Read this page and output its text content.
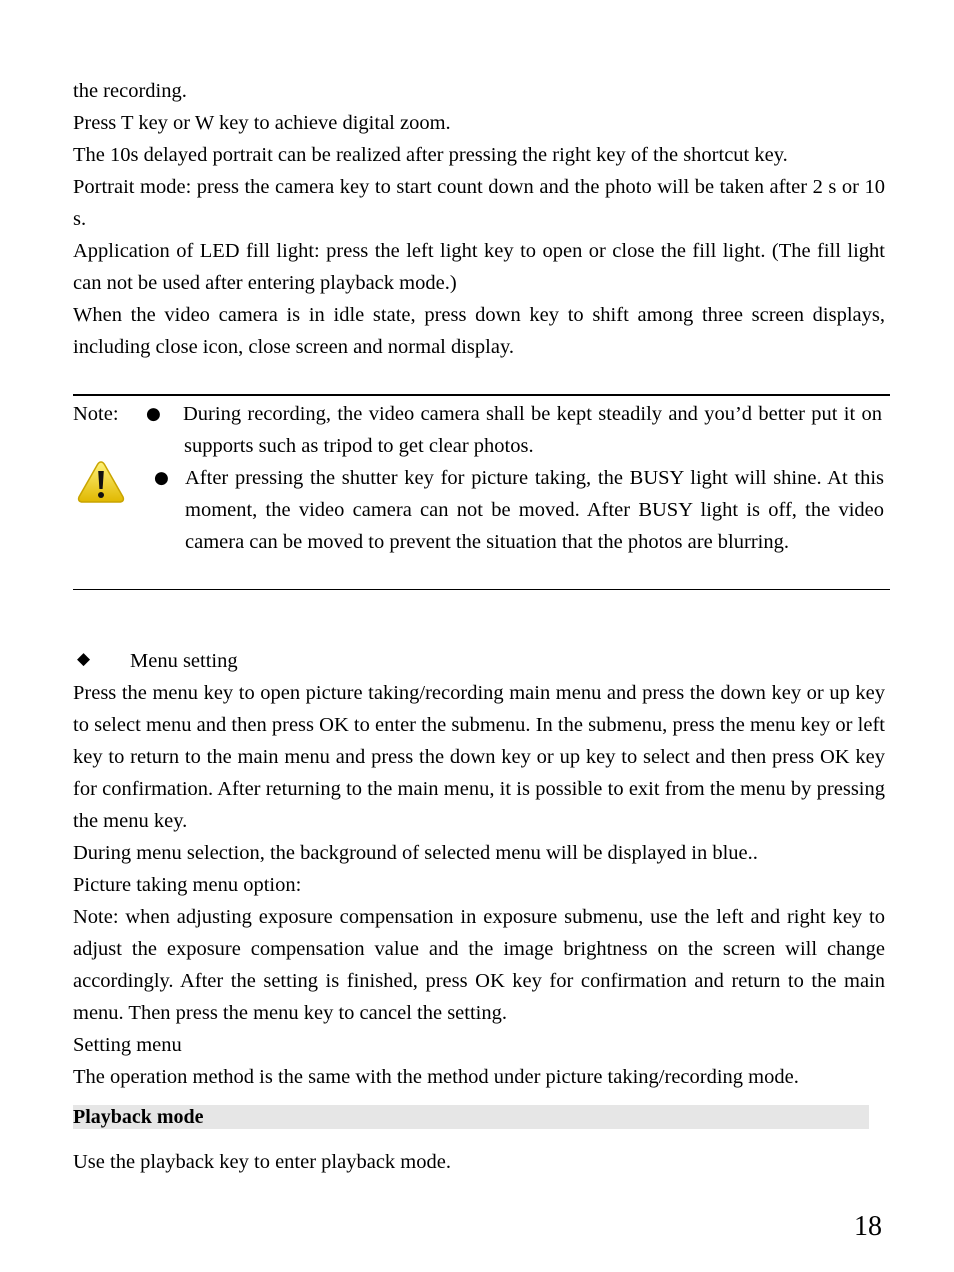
the recording.

Press T key or W key to achieve digital zoom.

The 10s delayed portrait can be realized after pressing the right key of the shortcut key.

Portrait mode: press the camera key to start count down and the photo will be taken after 2 s or 10 s.

Application of LED fill light: press the left light key to open or close the fill light. (The fill light can not be used after entering playback mode.)

When the video camera is in idle state, press down key to shift among three screen displays, including close icon, close screen and normal display.

Note: ● During recording, the video camera shall be kept steadily and you’d better put it on supports such as tripod to get clear photos.
● After pressing the shutter key for picture taking, the BUSY light will shine. At this moment, the video camera can not be moved. After BUSY light is off, the video camera can be moved to prevent the situation that the photos are blurring.
◆ Menu setting

Press the menu key to open picture taking/recording main menu and press the down key or up key to select menu and then press OK to enter the submenu. In the submenu, press the menu key or left key to return to the main menu and press the down key or up key to select and then press OK key for confirmation. After returning to the main menu, it is possible to exit from the menu by pressing the menu key.

During menu selection, the background of selected menu will be displayed in blue..

Picture taking menu option:

Note: when adjusting exposure compensation in exposure submenu, use the left and right key to adjust the exposure compensation value and the image brightness on the screen will change accordingly. After the setting is finished, press OK key for confirmation and return to the main menu. Then press the menu key to cancel the setting.

Setting menu

The operation method is the same with the method under picture taking/recording mode.

Playback mode

Use the playback key to enter playback mode.

18
